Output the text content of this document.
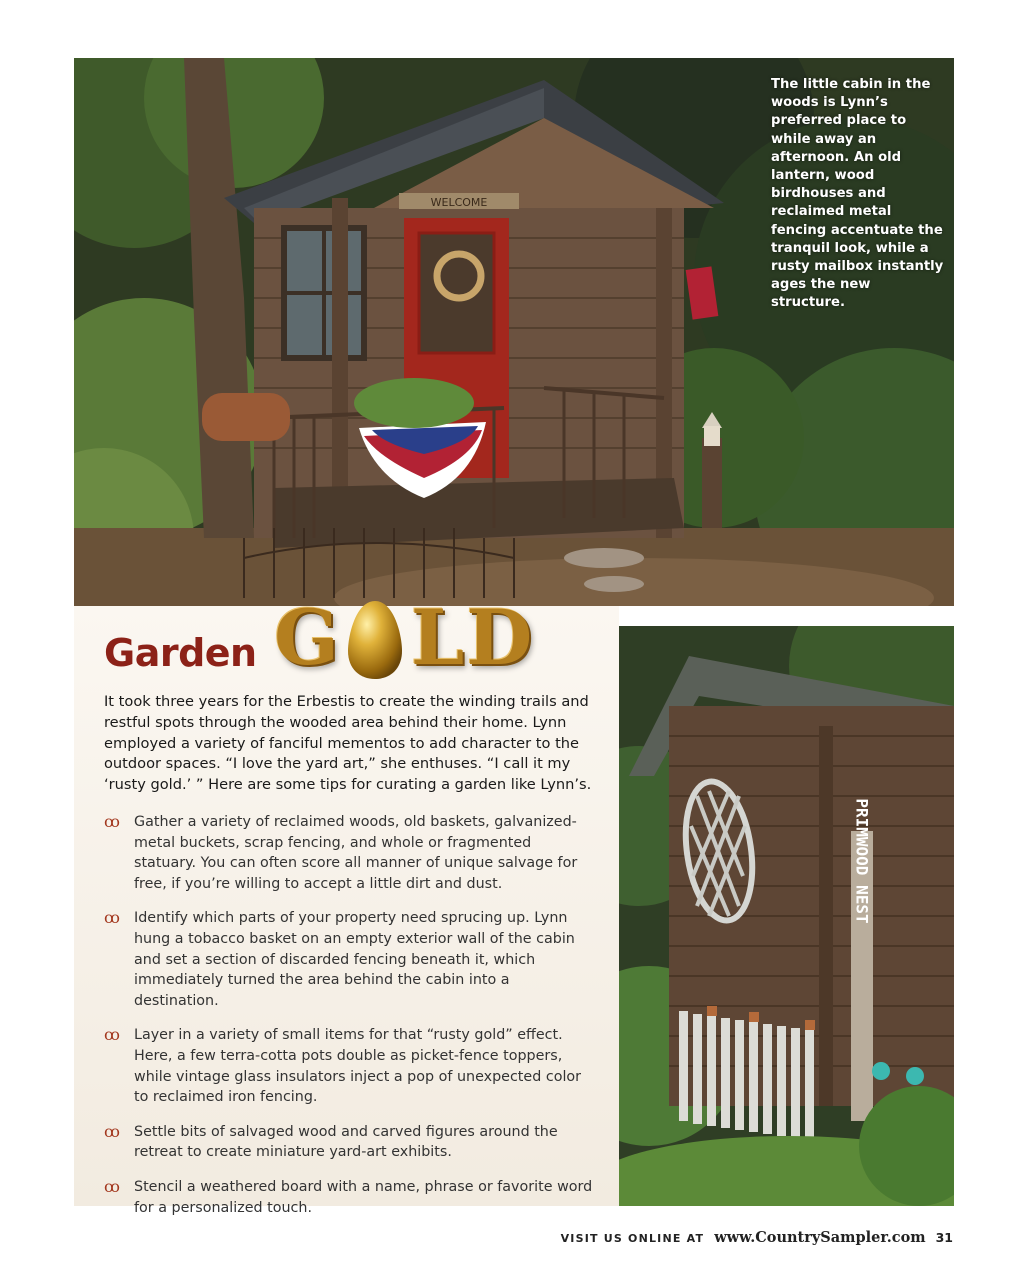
WELCOME
The little cabin in the woods is Lynn’s preferred place to while away an afternoon. An old lantern, wood birdhouses and reclaimed metal fencing accentuate the tranquil look, while a rusty mailbox instantly ages the new structure.
Garden G LD
It took three years for the Erbestis to create the winding trails and restful spots through the wooded area behind their home. Lynn employed a variety of fanciful mementos to add character to the outdoor spaces. “I love the yard art,” she enthuses. “I call it my ‘rusty gold.’ ” Here are some tips for curating a garden like Lynn’s.
ꝏ Gather a variety of reclaimed woods, old baskets, galvanized-metal buckets, scrap fencing, and whole or fragmented statuary. You can often score all manner of unique salvage for free, if you’re willing to accept a little dirt and dust.
ꝏ Identify which parts of your property need sprucing up. Lynn hung a tobacco basket on an empty exterior wall of the cabin and set a section of discarded fencing beneath it, which immediately turned the area behind the cabin into a destination.
ꝏ Layer in a variety of small items for that “rusty gold” effect. Here, a few terra-cotta pots double as picket-fence toppers, while vintage glass insulators inject a pop of unexpected color to reclaimed iron fencing.
ꝏ Settle bits of salvaged wood and carved figures around the retreat to create miniature yard-art exhibits.
ꝏ Stencil a weathered board with a name, phrase or favorite word for a personalized touch.
PRIMWOOD NEST
VISIT US ONLINE AT www.CountrySampler.com 31
